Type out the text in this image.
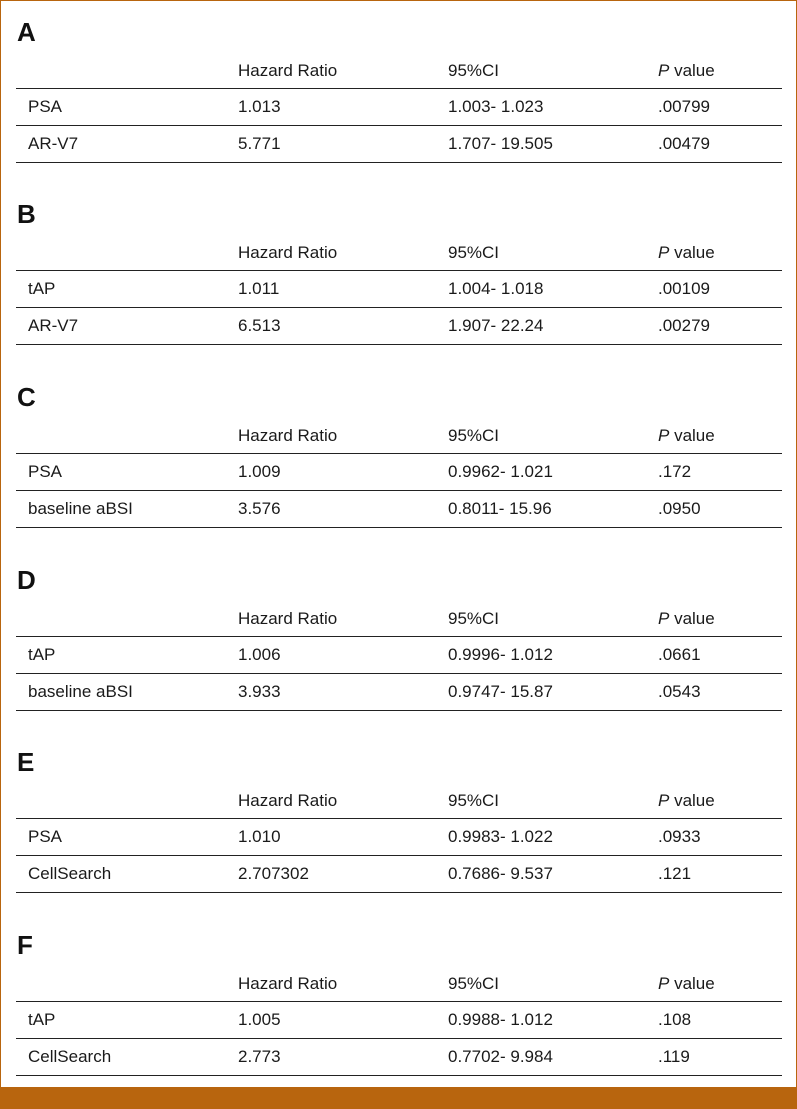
A
Hazard Ratio	95%CI	P value
PSA	1.013	1.003- 1.023	.00799
AR-V7	5.771	1.707- 19.505	.00479
B
Hazard Ratio	95%CI	P value
tAP	1.011	1.004- 1.018	.00109
AR-V7	6.513	1.907- 22.24	.00279
C
Hazard Ratio	95%CI	P value
PSA	1.009	0.9962- 1.021	.172
baseline aBSI	3.576	0.8011- 15.96	.0950
D
Hazard Ratio	95%CI	P value
tAP	1.006	0.9996- 1.012	.0661
baseline aBSI	3.933	0.9747- 15.87	.0543
E
Hazard Ratio	95%CI	P value
PSA	1.010	0.9983- 1.022	.0933
CellSearch	2.707302	0.7686- 9.537	.121
F
Hazard Ratio	95%CI	P value
tAP	1.005	0.9988- 1.012	.108
CellSearch	2.773	0.7702- 9.984	.119
